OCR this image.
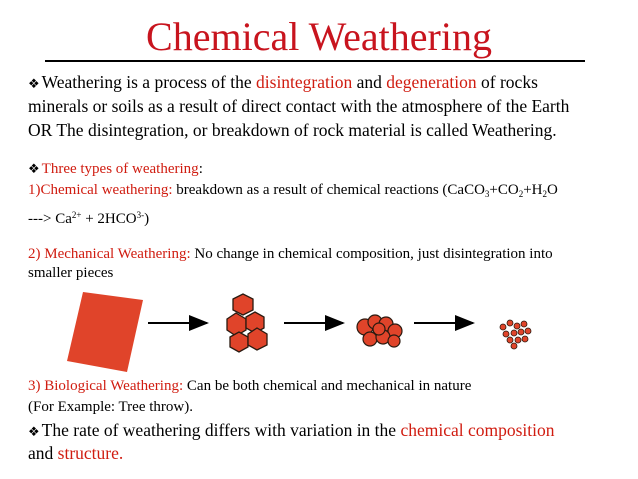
Chemical Weathering
❖ Weathering is a process of the disintegration and degeneration of rocks
minerals or soils as a result of direct contact with the atmosphere of the Earth
OR The disintegration, or breakdown of rock material is called Weathering.
❖ Three types of weathering:
1)Chemical weathering: breakdown as a result of chemical reactions ($CaCO_3+CO_2+H_2O$
---> $Ca^{2+} + 2HCO^{3-}$)
2) Mechanical Weathering: No change in chemical composition, just disintegration into
smaller pieces
3) Biological Weathering: Can be both chemical and mechanical in nature
(For Example: Tree throw).
❖ The rate of weathering differs with variation in the chemical composition
and structure.
